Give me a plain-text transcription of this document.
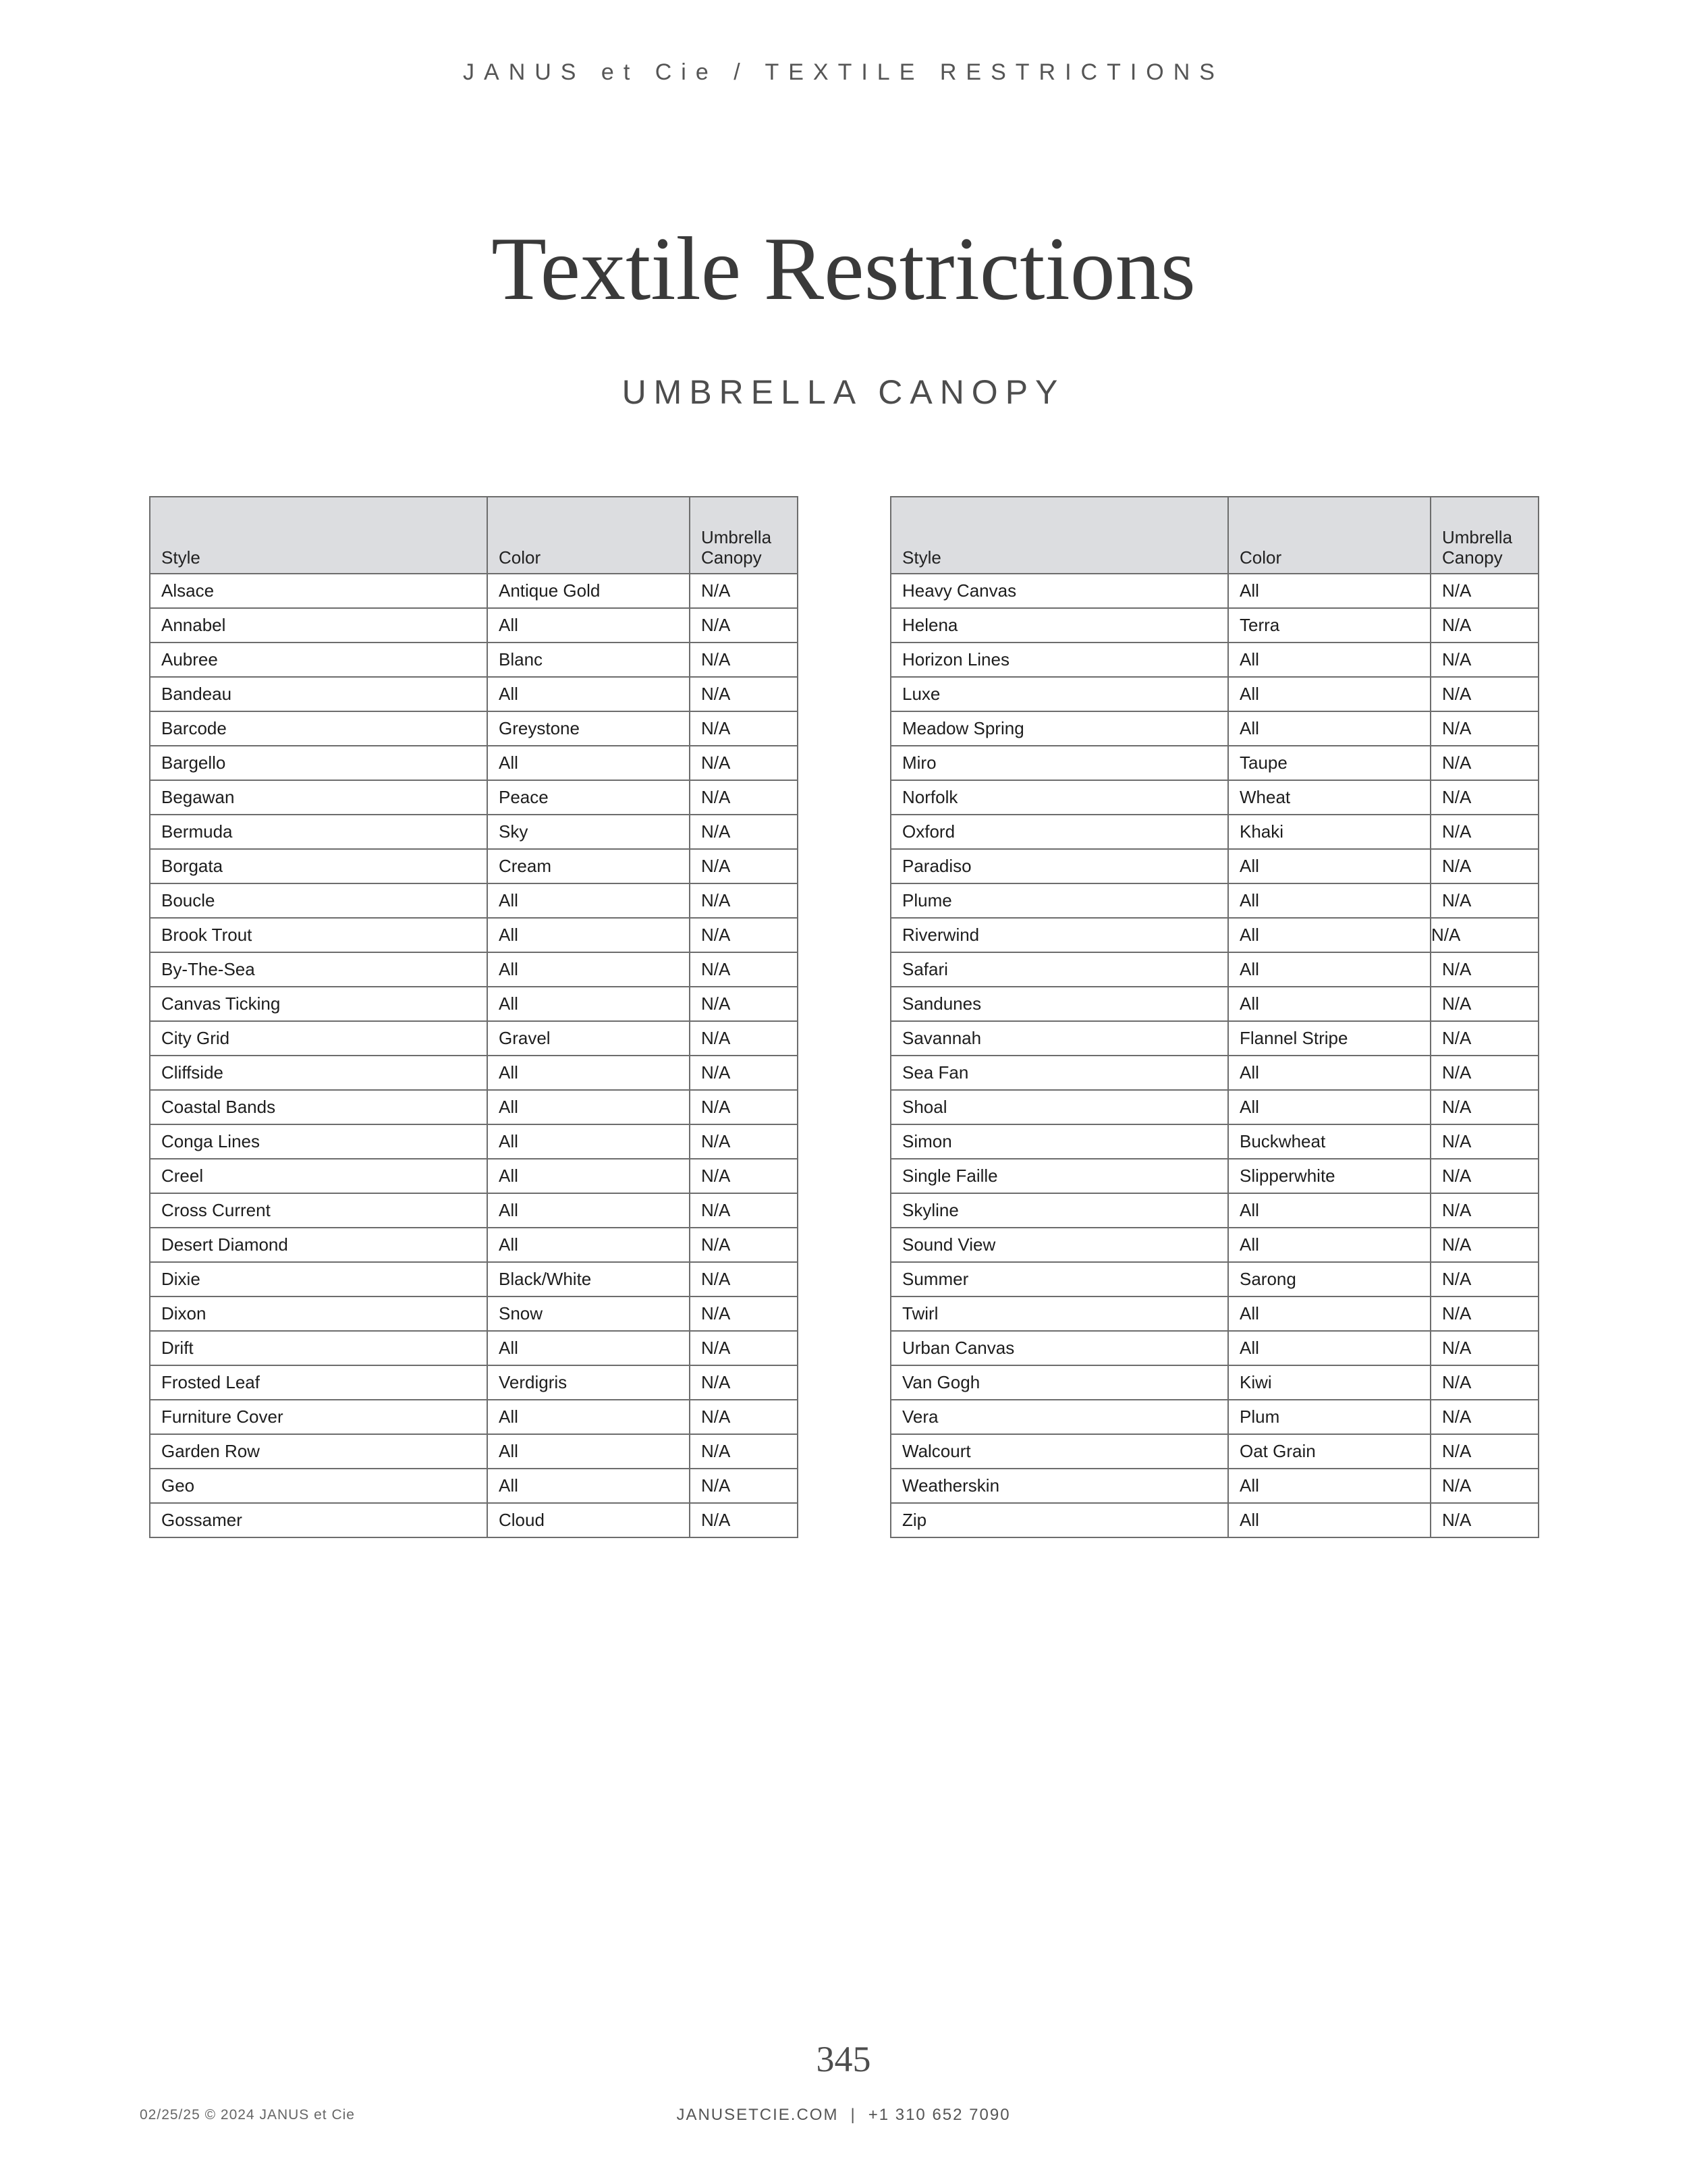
JANUS et Cie / TEXTILE RESTRICTIONS
Textile Restrictions
UMBRELLA CANOPY
Style	Color	Umbrella
Canopy
Alsace	Antique Gold	N/A
Annabel	All	N/A
Aubree	Blanc	N/A
Bandeau	All	N/A
Barcode	Greystone	N/A
Bargello	All	N/A
Begawan	Peace	N/A
Bermuda	Sky	N/A
Borgata	Cream	N/A
Boucle	All	N/A
Brook Trout	All	N/A
By-The-Sea	All	N/A
Canvas Ticking	All	N/A
City Grid	Gravel	N/A
Cliffside	All	N/A
Coastal Bands	All	N/A
Conga Lines	All	N/A
Creel	All	N/A
Cross Current	All	N/A
Desert Diamond	All	N/A
Dixie	Black/White	N/A
Dixon	Snow	N/A
Drift	All	N/A
Frosted Leaf	Verdigris	N/A
Furniture Cover	All	N/A
Garden Row	All	N/A
Geo	All	N/A
Gossamer	Cloud	N/A
Style	Color	Umbrella
Canopy
Heavy Canvas	All	N/A
Helena	Terra	N/A
Horizon Lines	All	N/A
Luxe	All	N/A
Meadow Spring	All	N/A
Miro	Taupe	N/A
Norfolk	Wheat	N/A
Oxford	Khaki	N/A
Paradiso	All	N/A
Plume	All	N/A
Riverwind	All	N/A
Safari	All	N/A
Sandunes	All	N/A
Savannah	Flannel Stripe	N/A
Sea Fan	All	N/A
Shoal	All	N/A
Simon	Buckwheat	N/A
Single Faille	Slipperwhite	N/A
Skyline	All	N/A
Sound View	All	N/A
Summer	Sarong	N/A
Twirl	All	N/A
Urban Canvas	All	N/A
Van Gogh	Kiwi	N/A
Vera	Plum	N/A
Walcourt	Oat Grain	N/A
Weatherskin	All	N/A
Zip	All	N/A
345
02/25/25 © 2024 JANUS et Cie	JANUSETCIE.COM | +1 310 652 7090
